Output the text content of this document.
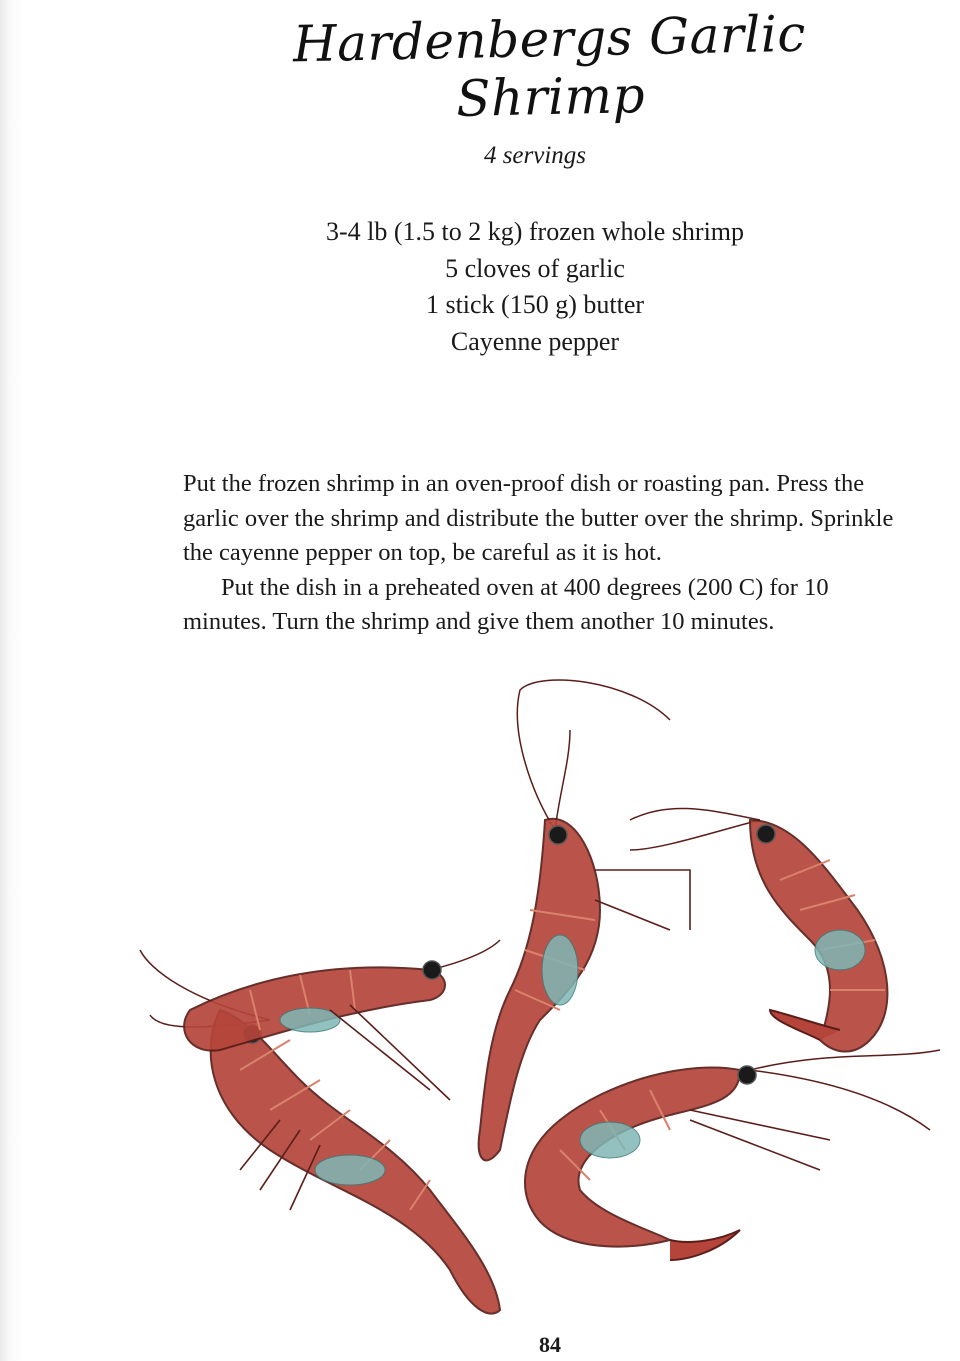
Hardenbergs Garlic Shrimp
4 servings
3-4 lb (1.5 to 2 kg) frozen whole shrimp
5 cloves of garlic
1 stick (150 g) butter
Cayenne pepper

Put the frozen shrimp in an oven-proof dish or roasting pan. Press the garlic over the shrimp and distribute the butter over the shrimp. Sprinkle the cayenne pepper on top, be careful as it is hot.

Put the dish in a preheated oven at 400 degrees (200 C) for 10 minutes. Turn the shrimp and give them another 10 minutes.

84
